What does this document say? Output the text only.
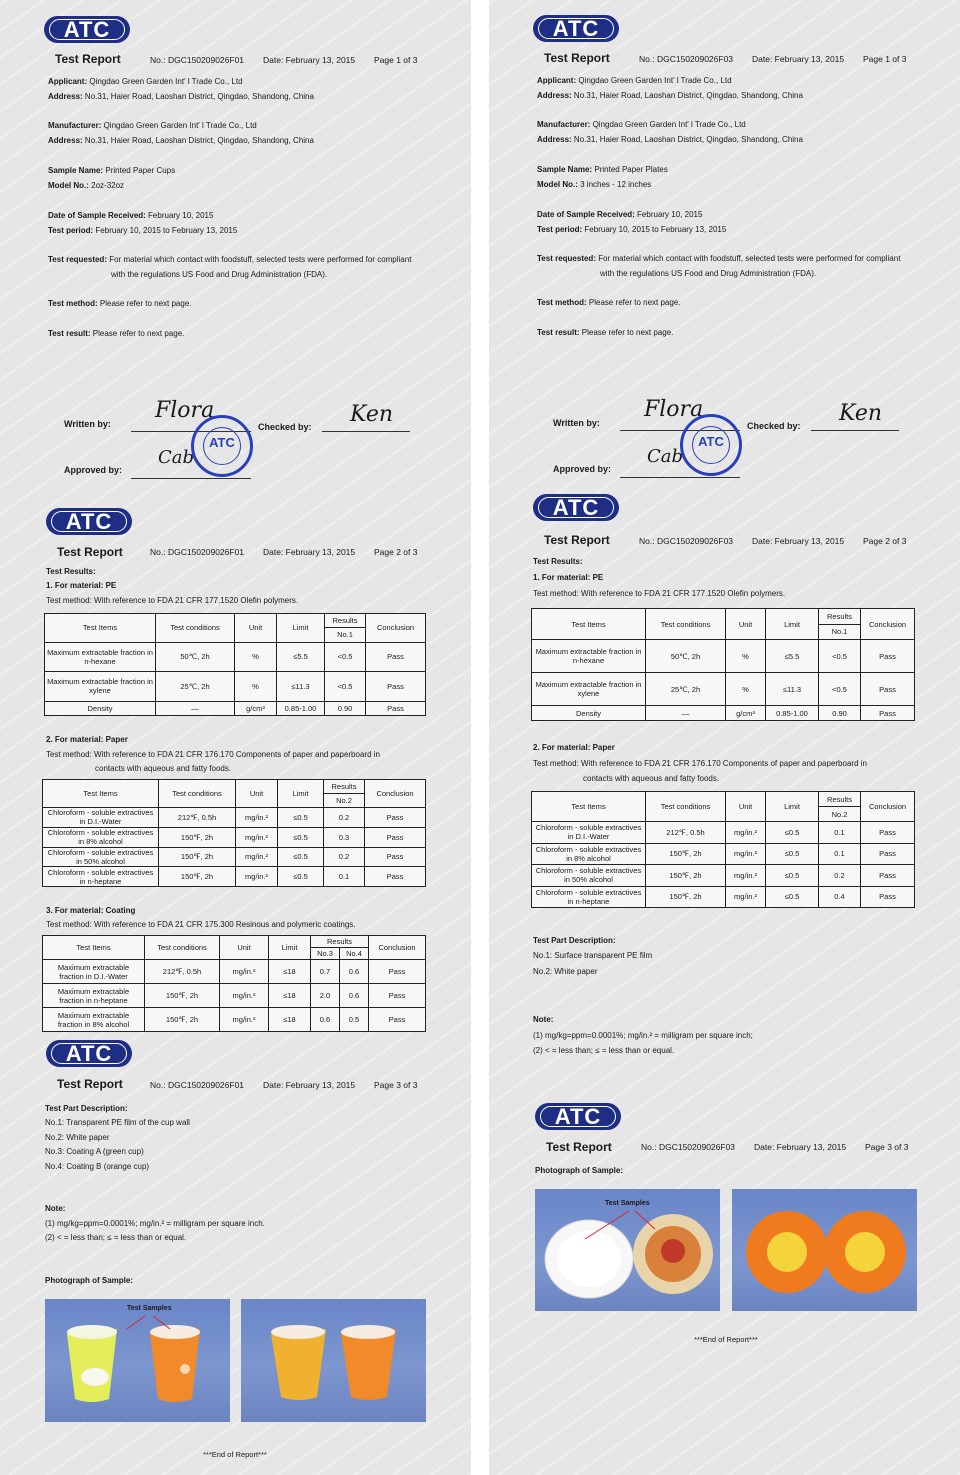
ATC
Test Report	No.: DGC150209026F01 Date: February 13, 2015 Page 1 of 3
Applicant: Qingdao Green Garden Int' l Trade Co., Ltd
Address: No.31, Haier Road, Laoshan District, Qingdao, Shandong, China
Manufacturer: Qingdao Green Garden Int' l Trade Co., Ltd
Address: No.31, Haier Road, Laoshan District, Qingdao, Shandong, China
Sample Name: Printed Paper Cups
Model No.: 2oz-32oz
Date of Sample Received: February 10, 2015
Test period: February 10, 2015 to February 13, 2015
Test requested: For material which contact with foodstuff, selected tests were performed for compliant
with the regulations US Food and Drug Administration (FDA).
Test method: Please refer to next page.
Test result: Please refer to next page.
Written by:
Flora
Checked by: Ken
Approved by:
Cab
ATC
ATC
Test Report	No.: DGC150209026F01 Date: February 13, 2015 Page 2 of 3
Test Results:
1. For material: PE
Test method: With reference to FDA 21 CFR 177.1520 Olefin polymers.
Test Items	Test conditions	Unit	Limit	Results	Conclusion
				No.1	
Maximum extractable fraction in n-hexane	50℃, 2h	%	≤5.5	<0.5	Pass
Maximum extractable fraction in xylene	25℃, 2h	%	≤11.3	<0.5	Pass
Density	—	g/cm³	0.85-1.00	0.90	Pass
2. For material: Paper
Test method: With reference to FDA 21 CFR 176.170 Components of paper and paperboard in
contacts with aqueous and fatty foods.
Test Items	Test conditions	Unit	Limit	Results	Conclusion
				No.2	
Chloroform - soluble extractives in D.I.-Water	212℉, 0.5h	mg/in.²	≤0.5	0.2	Pass
Chloroform - soluble extractives in 8% alcohol	150℉, 2h	mg/in.²	≤0.5	0.3	Pass
Chloroform - soluble extractives in 50% alcohol	150℉, 2h	mg/in.²	≤0.5	0.2	Pass
Chloroform - soluble extractives in n-heptane	150℉, 2h	mg/in.²	≤0.5	0.1	Pass
3. For material: Coating
Test method: With reference to FDA 21 CFR 175.300 Resinous and polymeric coatings.
Test Items	Test conditions	Unit	Limit	Results		Conclusion
				No.3	No.4	
Maximum extractable fraction in D.I.-Water	212℉, 0.5h	mg/in.²	≤18	0.7	0.6	Pass
Maximum extractable fraction in n-heptane	150℉, 2h	mg/in.²	≤18	2.0	0.6	Pass
Maximum extractable fraction in 8% alcohol	150℉, 2h	mg/in.²	≤18	0.6	0.5	Pass
ATC
Test Report	No.: DGC150209026F01 Date: February 13, 2015 Page 3 of 3
Test Part Description:
No.1: Transparent PE film of the cup wall
No.2: White paper
No.3: Coating A (green cup)
No.4: Coating B (orange cup)
Note:
(1) mg/kg=ppm=0.0001%; mg/in.² = milligram per square inch.
(2) < = less than; ≤ = less than or equal.
Photograph of Sample:
Test Samples
***End of Report***
ATC
Test Report	No.: DGC150209026F03 Date: February 13, 2015 Page 1 of 3
Applicant: Qingdao Green Garden Int' l Trade Co., Ltd
Address: No.31, Haier Road, Laoshan District, Qingdao, Shandong, China
Manufacturer: Qingdao Green Garden Int' l Trade Co., Ltd
Address: No.31, Haier Road, Laoshan District, Qingdao, Shandong, China
Sample Name: Printed Paper Plates
Model No.: 3 inches - 12 inches
Date of Sample Received: February 10, 2015
Test period: February 10, 2015 to February 13, 2015
Test requested: For material which contact with foodstuff, selected tests were performed for compliant
with the regulations US Food and Drug Administration (FDA).
Test method: Please refer to next page.
Test result: Please refer to next page.
Written by:
Flora
Checked by: Ken
Approved by:
Cab
ATC
ATC
Test Report	No.: DGC150209026F03 Date: February 13, 2015 Page 2 of 3
Test Results:
1. For material: PE
Test method: With reference to FDA 21 CFR 177.1520 Olefin polymers.
Test Items	Test conditions	Unit	Limit	Results	Conclusion
				No.1	
Maximum extractable fraction in n-hexane	50℃, 2h	%	≤5.5	<0.5	Pass
Maximum extractable fraction in xylene	25℃, 2h	%	≤11.3	<0.5	Pass
Density	—	g/cm³	0.85-1.00	0.90	Pass
2. For material: Paper
Test method: With reference to FDA 21 CFR 176.170 Components of paper and paperboard in
contacts with aqueous and fatty foods.
Test Items	Test conditions	Unit	Limit	Results	Conclusion
				No.2	
Chloroform - soluble extractives in D.I.-Water	212℉, 0.5h	mg/in.²	≤0.5	0.1	Pass
Chloroform - soluble extractives in 8% alcohol	150℉, 2h	mg/in.²	≤0.5	0.1	Pass
Chloroform - soluble extractives in 50% alcohol	150℉, 2h	mg/in.²	≤0.5	0.2	Pass
Chloroform - soluble extractives in n-heptane	150℉, 2h	mg/in.²	≤0.5	0.4	Pass
Test Part Description:
No.1: Surface transparent PE film
No.2: White paper
Note:
(1) mg/kg=ppm=0.0001%; mg/in.² = milligram per square inch;
(2) < = less than; ≤ = less than or equal.
ATC
Test Report	No.: DGC150209026F03 Date: February 13, 2015 Page 3 of 3
Photograph of Sample:
Test Samples
***End of Report***
